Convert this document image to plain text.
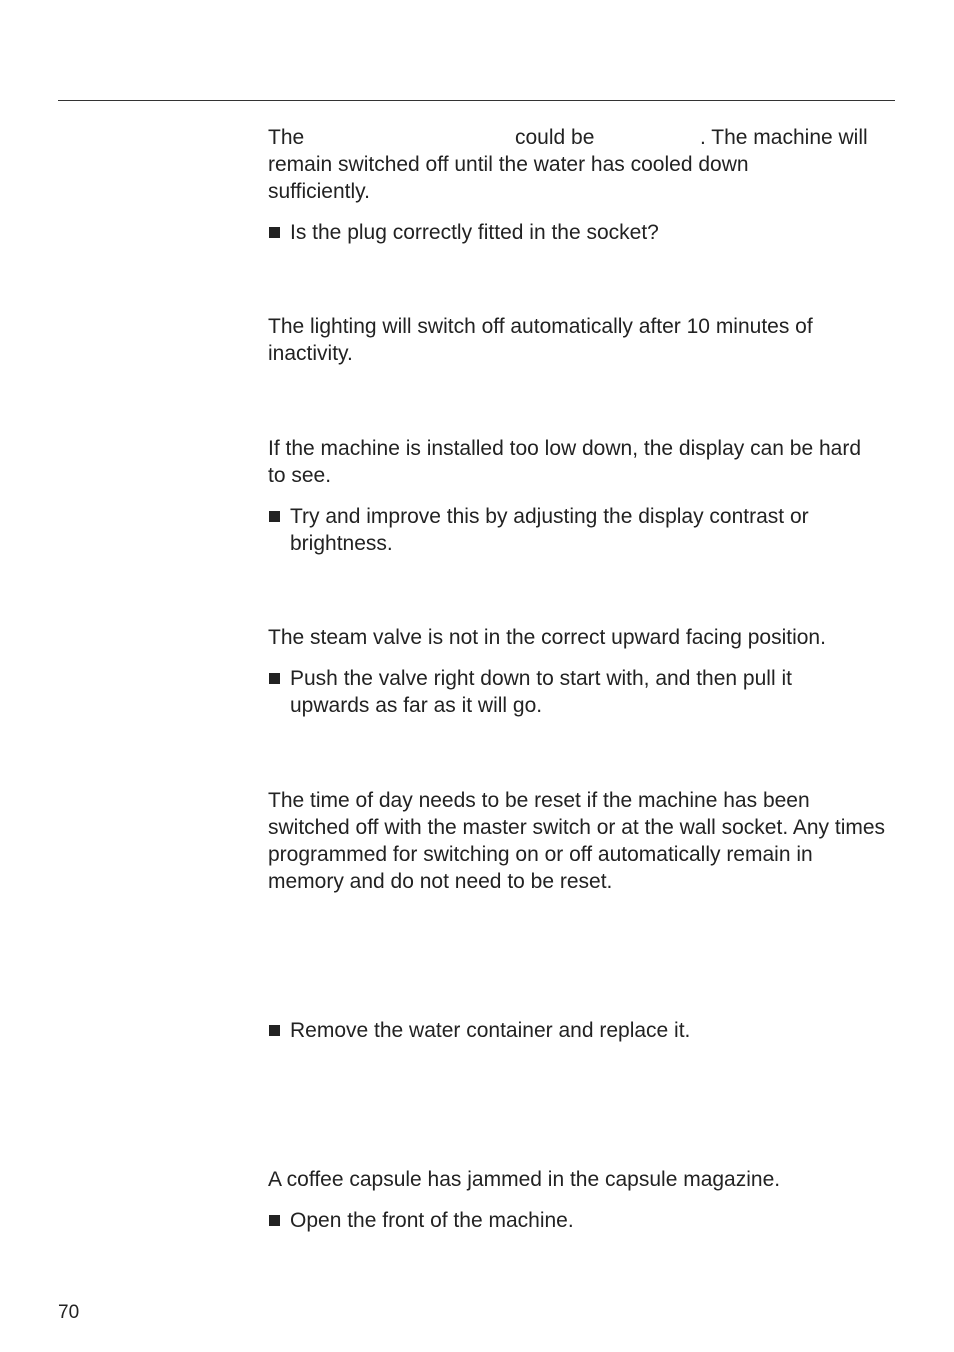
The	could be	. The machine will
remain switched off until the water has cooled down sufficiently.
Is the plug correctly fitted in the socket?
The lighting will switch off automatically after 10 minutes of inactivity.
If the machine is installed too low down, the display can be hard to see.
Try and improve this by adjusting the display contrast or brightness.
The steam valve is not in the correct upward facing position.
Push the valve right down to start with, and then pull it upwards as far as it will go.
The time of day needs to be reset if the machine has been switched off with the master switch or at the wall socket. Any times programmed for switching on or off automatically remain in memory and do not need to be reset.
Remove the water container and replace it.
A coffee capsule has jammed in the capsule magazine.
Open the front of the machine.
70
